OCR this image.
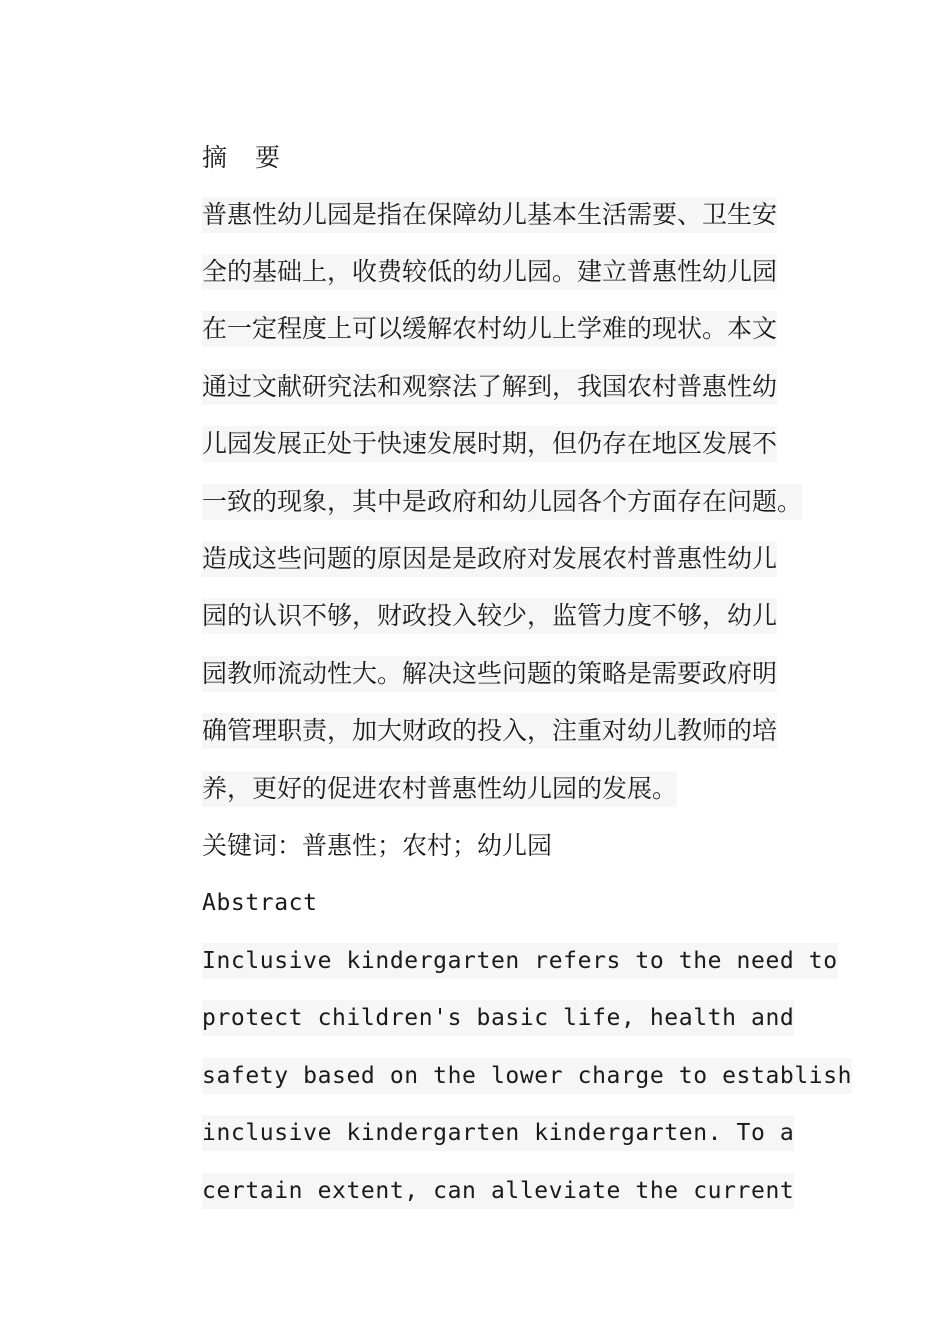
摘 要
普惠性幼儿园是指在保障幼儿基本生活需要、卫生安
全的基础上，收费较低的幼儿园。建立普惠性幼儿园
在一定程度上可以缓解农村幼儿上学难的现状。本文
通过文献研究法和观察法了解到，我国农村普惠性幼
儿园发展正处于快速发展时期，但仍存在地区发展不
一致的现象，其中是政府和幼儿园各个方面存在问题。
造成这些问题的原因是是政府对发展农村普惠性幼儿
园的认识不够，财政投入较少，监管力度不够，幼儿
园教师流动性大。解决这些问题的策略是需要政府明
确管理职责，加大财政的投入，注重对幼儿教师的培
养，更好的促进农村普惠性幼儿园的发展。
关键词：普惠性；农村；幼儿园
Abstract
Inclusive kindergarten refers to the need to
protect children's basic life, health and
safety based on the lower charge to establish
inclusive kindergarten kindergarten. To a
certain extent, can alleviate the current
